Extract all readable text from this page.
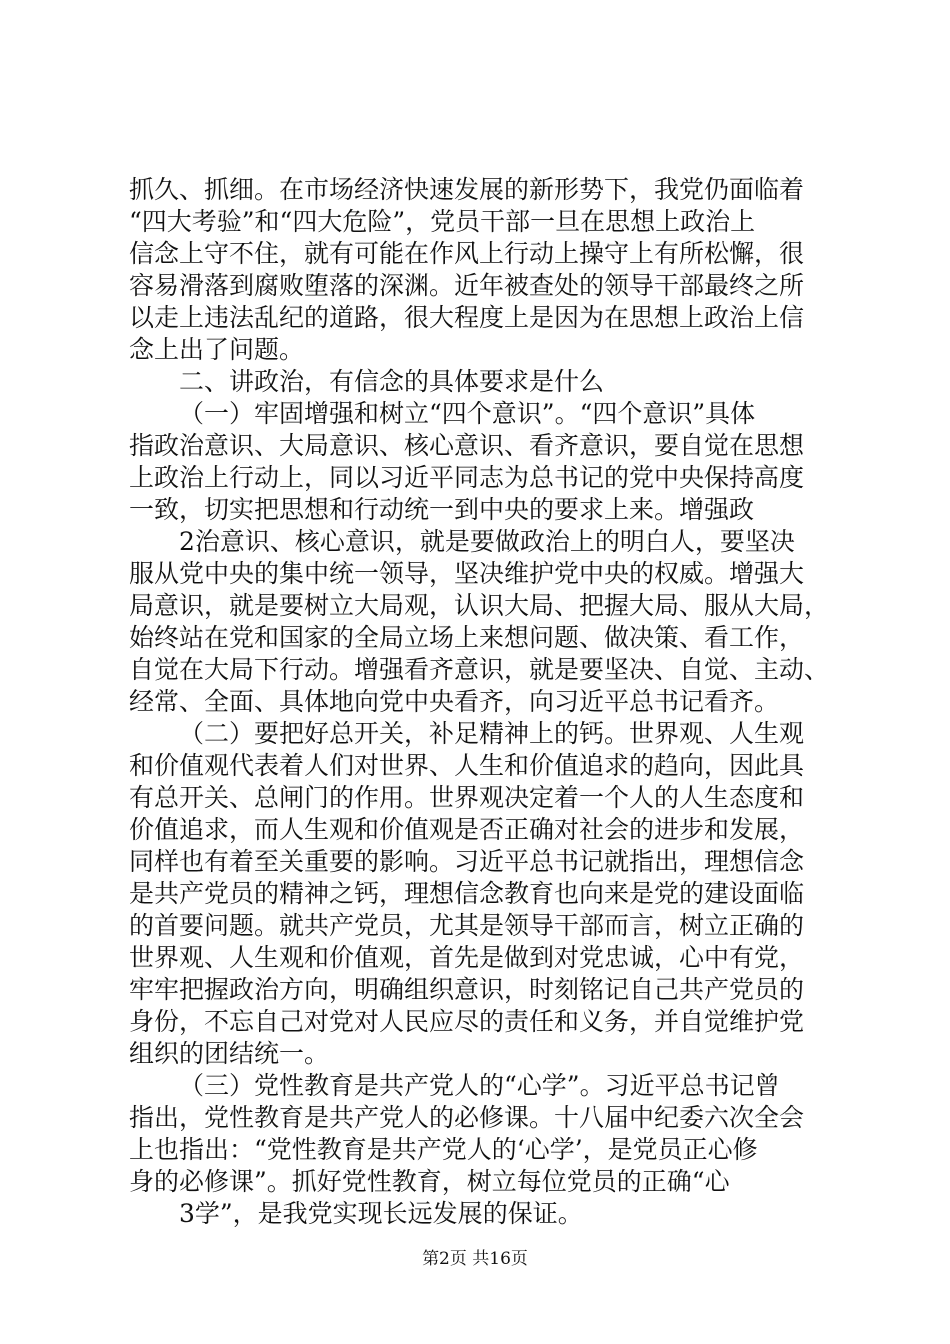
抓久、抓细。在市场经济快速发展的新形势下，我党仍面临着
“四大考验”和“四大危险”，党员干部一旦在思想上政治上
信念上守不住，就有可能在作风上行动上操守上有所松懈，很
容易滑落到腐败堕落的深渊。近年被查处的领导干部最终之所
以走上违法乱纪的道路，很大程度上是因为在思想上政治上信
念上出了问题。
二、讲政治，有信念的具体要求是什么
（一）牢固增强和树立“四个意识”。“四个意识”具体
指政治意识、大局意识、核心意识、看齐意识，要自觉在思想
上政治上行动上，同以习近平同志为总书记的党中央保持高度
一致，切实把思想和行动统一到中央的要求上来。增强政
2治意识、核心意识，就是要做政治上的明白人，要坚决
服从党中央的集中统一领导，坚决维护党中央的权威。增强大
局意识，就是要树立大局观，认识大局、把握大局、服从大局，
始终站在党和国家的全局立场上来想问题、做决策、看工作，
自觉在大局下行动。增强看齐意识，就是要坚决、自觉、主动、
经常、全面、具体地向党中央看齐，向习近平总书记看齐。
（二）要把好总开关，补足精神上的钙。世界观、人生观
和价值观代表着人们对世界、人生和价值追求的趋向，因此具
有总开关、总闸门的作用。世界观决定着一个人的人生态度和
价值追求，而人生观和价值观是否正确对社会的进步和发展，
同样也有着至关重要的影响。习近平总书记就指出，理想信念
是共产党员的精神之钙，理想信念教育也向来是党的建设面临
的首要问题。就共产党员，尤其是领导干部而言，树立正确的
世界观、人生观和价值观，首先是做到对党忠诚，心中有党，
牢牢把握政治方向，明确组织意识，时刻铭记自己共产党员的
身份，不忘自己对党对人民应尽的责任和义务，并自觉维护党
组织的团结统一。
（三）党性教育是共产党人的“心学”。习近平总书记曾
指出，党性教育是共产党人的必修课。十八届中纪委六次全会
上也指出：“党性教育是共产党人的‘心学’，是党员正心修
身的必修课”。抓好党性教育，树立每位党员的正确“心
3学”，是我党实现长远发展的保证。
第2页 共16页
